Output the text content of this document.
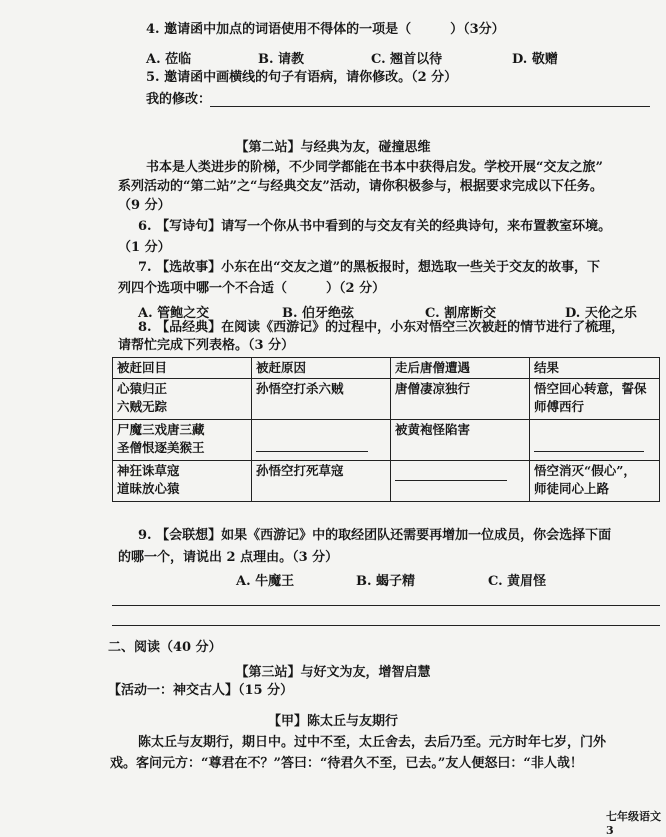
4. 邀请函中加点的词语使用不得体的一项是（　　　）（3分）
A. 莅临	B. 请教	C. 翘首以待	D. 敬赠
5. 邀请函中画横线的句子有语病，请你修改。（2 分）
我的修改：
【第二站】与经典为友，碰撞思维
书本是人类进步的阶梯，不少同学都能在书本中获得启发。学校开展“交友之旅”
系列活动的“第二站”之“与经典交友”活动，请你积极参与，根据要求完成以下任务。
（9 分）
6. 【写诗句】请写一个你从书中看到的与交友有关的经典诗句，来布置教室环境。
（1 分）
7. 【选故事】小东在出“交友之道”的黑板报时，想选取一些关于交友的故事，下
列四个选项中哪一个不合适（　　　）（2 分）
A. 管鲍之交	B. 伯牙绝弦	C. 割席断交	D. 天伦之乐
8. 【品经典】在阅读《西游记》的过程中，小东对悟空三次被赶的情节进行了梳理，
请帮忙完成下列表格。（3 分）
被赶回目	被赶原因	走后唐僧遭遇	结果
心猿归正
六贼无踪	孙悟空打杀六贼	唐僧凄凉独行	悟空回心转意，誓保
师傅西行
尸魔三戏唐三藏
圣僧恨逐美猴王		被黄袍怪陷害	
神狂诛草寇
道昧放心猿	孙悟空打死草寇		悟空消灭“假心”，
师徒同心上路
9. 【会联想】如果《西游记》中的取经团队还需要再增加一位成员，你会选择下面
的哪一个，请说出 2 点理由。（3 分）
A. 牛魔王	B. 蝎子精	C. 黄眉怪
二、阅读（40 分）
【第三站】与好文为友，增智启慧
【活动一：神交古人】（15 分）
【甲】陈太丘与友期行
陈太丘与友期行，期日中。过中不至，太丘舍去，去后乃至。元方时年七岁，门外
戏。客问元方：“尊君在不？”答曰：“待君久不至，已去。”友人便怒曰：“非人哉！
七年级语文 3
